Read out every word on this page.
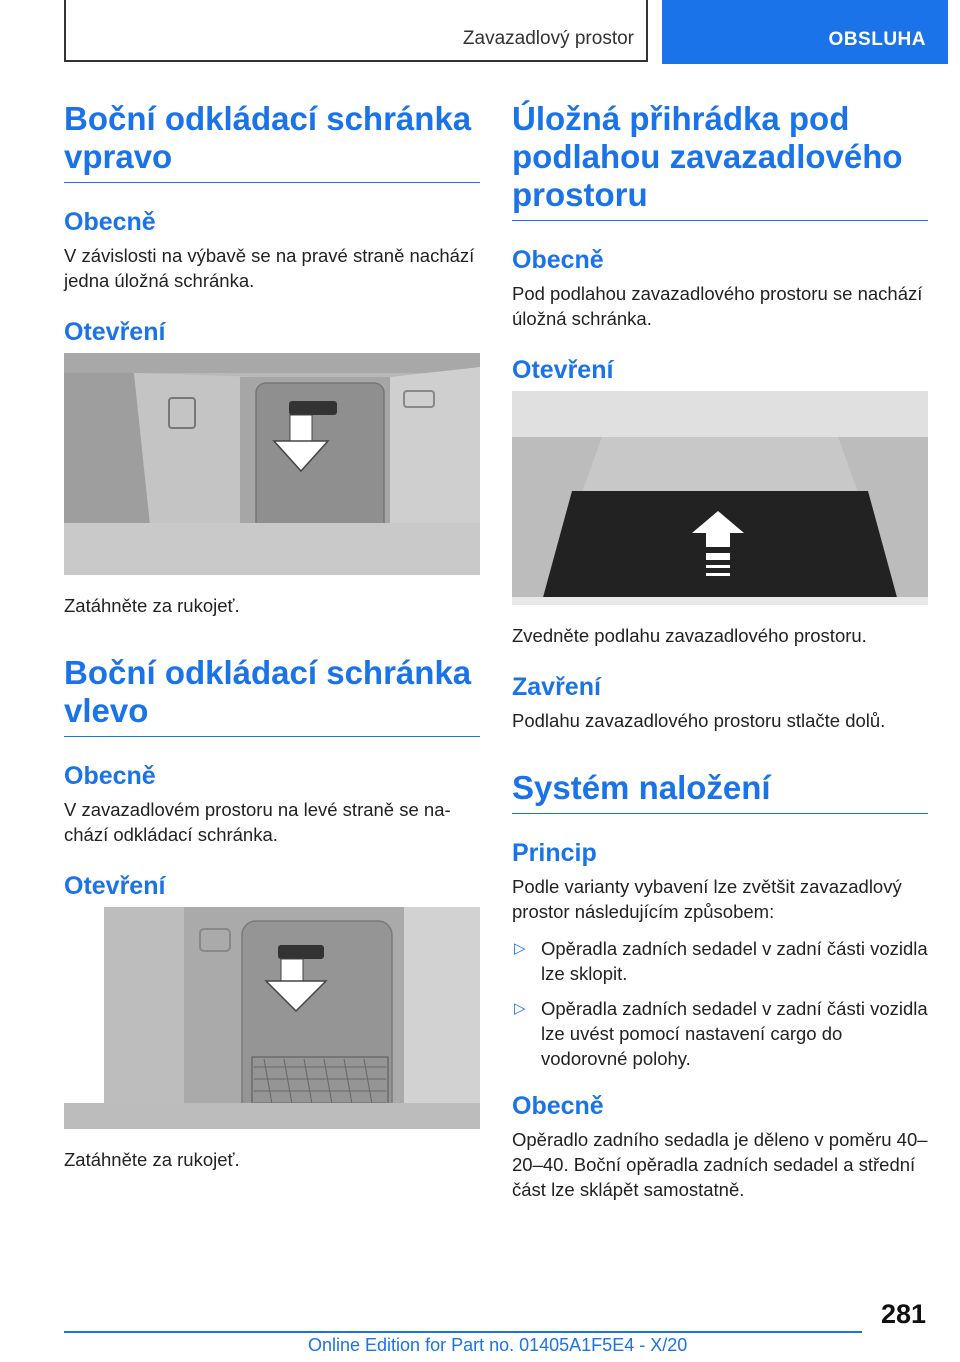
Zavazadlový prostor	OBSLUHA
Boční odkládací schránka vpravo
Obecně

V závislosti na výbavě se na pravé straně nachází jedna úložná schránka.

Otevření

Zatáhněte za rukojeť.

Boční odkládací schránka vlevo
Obecně

V zavazadlovém prostoru na levé straně se nachází odkládací schránka.

Otevření

Zatáhněte za rukojeť.

Úložná přihrádka pod podlahou zavazadlového prostoru
Obecně

Pod podlahou zavazadlového prostoru se nachází úložná schránka.

Otevření

Zvedněte podlahu zavazadlového prostoru.

Zavření

Podlahu zavazadlového prostoru stlačte dolů.

Systém naložení
Princip

Podle varianty vybavení lze zvětšit zavazadlový prostor následujícím způsobem:

▷ Opěradla zadních sedadel v zadní části vozidla lze sklopit.
▷ Opěradla zadních sedadel v zadní části vozidla lze uvést pomocí nastavení cargo do vodorovné polohy.
Obecně

Opěradlo zadního sedadla je děleno v poměru 40–20–40. Boční opěradla zadních sedadel a střední část lze sklápět samostatně.

281
Online Edition for Part no. 01405A1F5E4 - X/20
